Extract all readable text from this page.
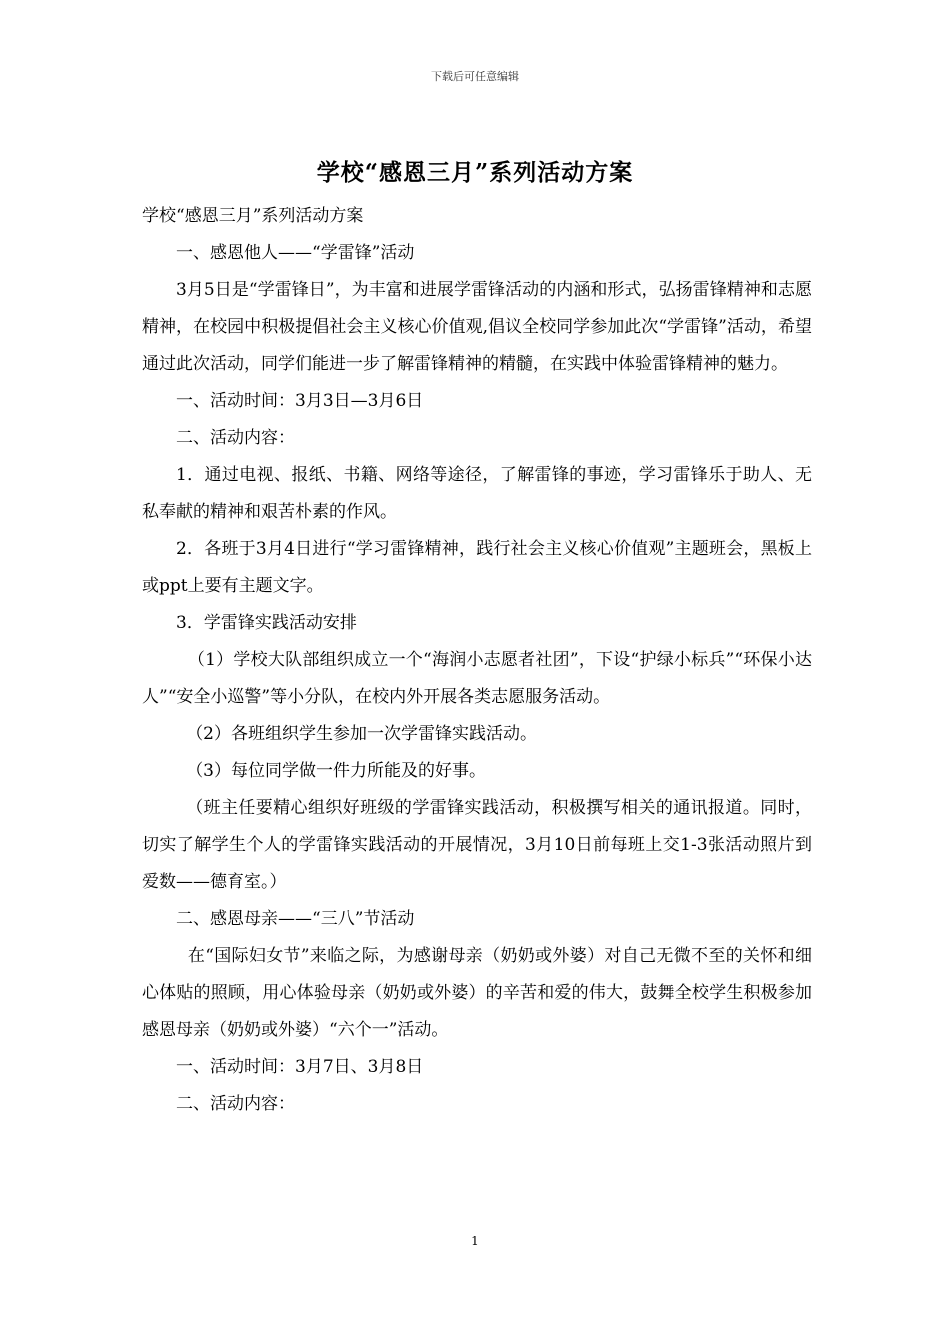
下载后可任意编辑
学校“感恩三月”系列活动方案

学校“感恩三月”系列活动方案

一、感恩他人——“学雷锋”活动

3月5日是“学雷锋日”，为丰富和进展学雷锋活动的内涵和形式，弘扬雷锋精神和志愿精神，在校园中积极提倡社会主义核心价值观,倡议全校同学参加此次“学雷锋”活动，希望通过此次活动，同学们能进一步了解雷锋精神的精髓，在实践中体验雷锋精神的魅力。

一、活动时间：3月3日—3月6日

二、活动内容：

1．通过电视、报纸、书籍、网络等途径，了解雷锋的事迹，学习雷锋乐于助人、无私奉献的精神和艰苦朴素的作风。

2．各班于3月4日进行“学习雷锋精神，践行社会主义核心价值观”主题班会，黑板上或ppt上要有主题文字。

3．学雷锋实践活动安排

（1）学校大队部组织成立一个“海润小志愿者社团”，下设“护绿小标兵”“环保小达人”“安全小巡警”等小分队，在校内外开展各类志愿服务活动。

（2）各班组织学生参加一次学雷锋实践活动。

（3）每位同学做一件力所能及的好事。

（班主任要精心组织好班级的学雷锋实践活动，积极撰写相关的通讯报道。同时，切实了解学生个人的学雷锋实践活动的开展情况，3月10日前每班上交1-3张活动照片到爱数——德育室。）

二、感恩母亲——“三八”节活动

在“国际妇女节”来临之际，为感谢母亲（奶奶或外婆）对自己无微不至的关怀和细心体贴的照顾，用心体验母亲（奶奶或外婆）的辛苦和爱的伟大，鼓舞全校学生积极参加感恩母亲（奶奶或外婆）“六个一”活动。

一、活动时间：3月7日、3月8日

二、活动内容：

1
